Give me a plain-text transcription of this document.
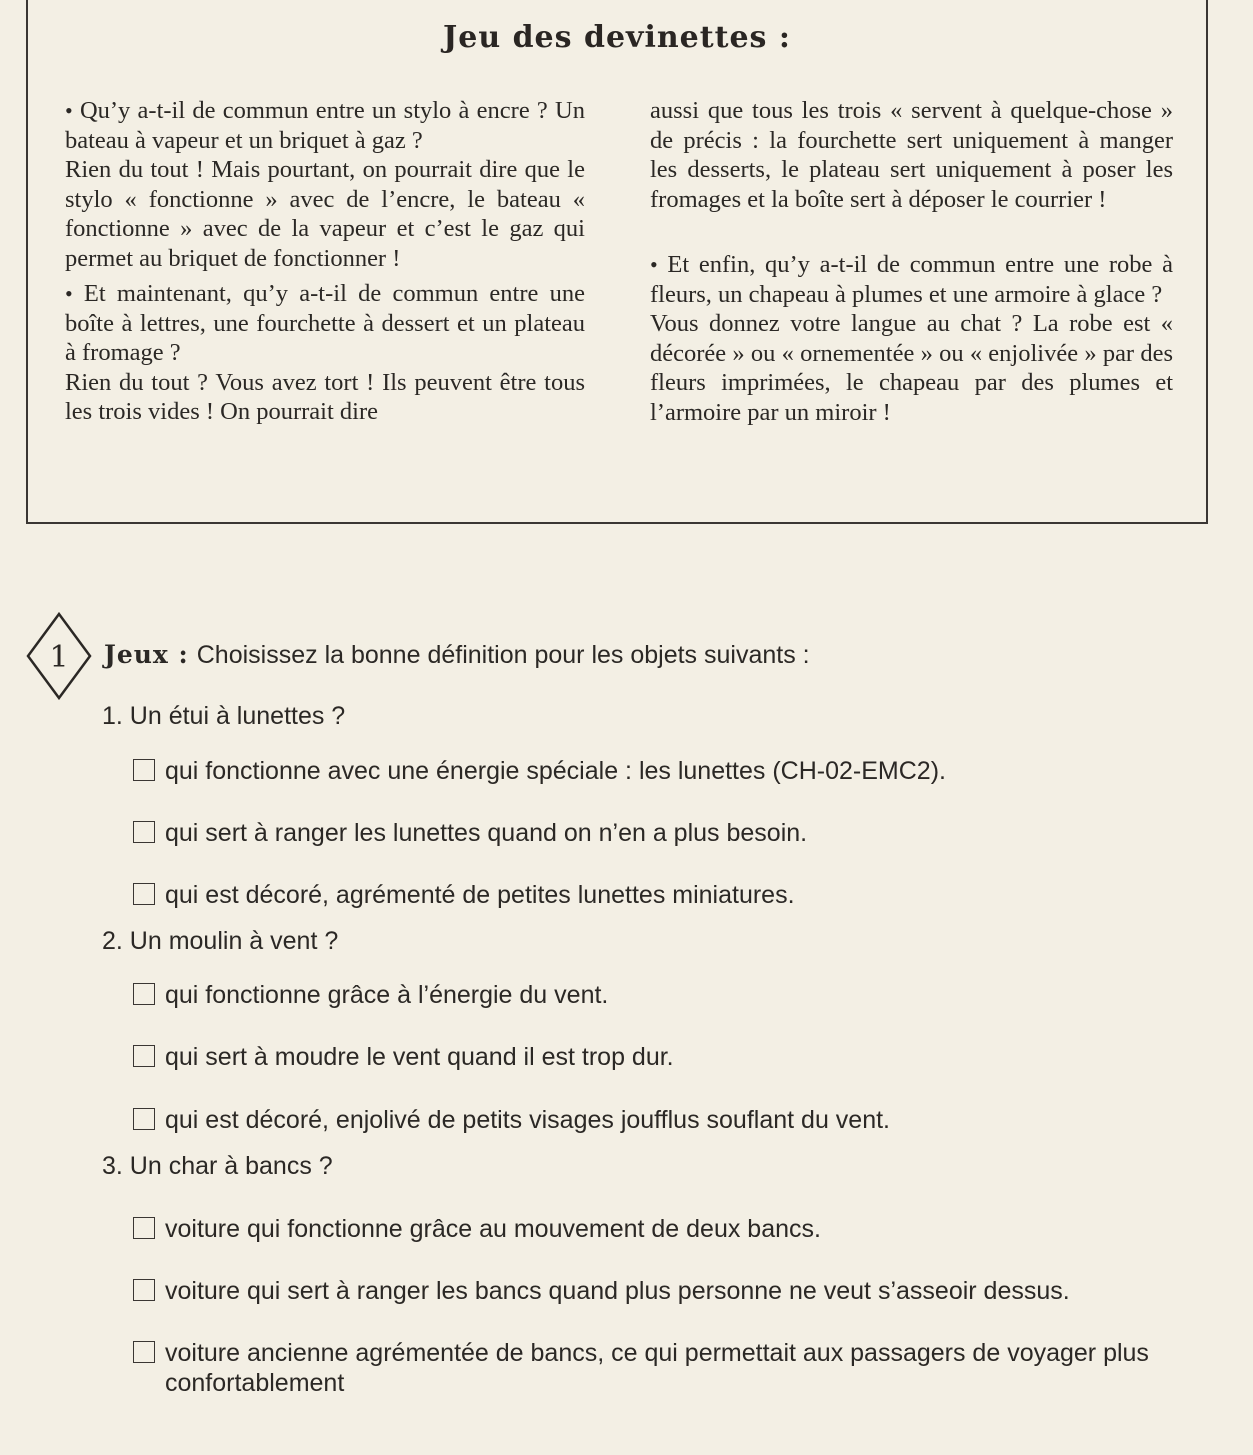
Jeu des devinettes :

• Qu’y a-t-il de commun entre un stylo à encre ? Un bateau à vapeur et un briquet à gaz ?

Rien du tout ! Mais pourtant, on pourrait dire que le stylo « fonctionne » avec de l’encre, le bateau « fonctionne » avec de la vapeur et c’est le gaz qui permet au briquet de fonctionner !

• Et maintenant, qu’y a-t-il de commun entre une boîte à lettres, une fourchette à dessert et un plateau à fromage ?

Rien du tout ? Vous avez tort ! Ils peuvent être tous les trois vides ! On pourrait dire

aussi que tous les trois « servent à quelque-chose » de précis : la fourchette sert uniquement à manger les desserts, le plateau sert uniquement à poser les fromages et la boîte sert à déposer le courrier !

• Et enfin, qu’y a-t-il de commun entre une robe à fleurs, un chapeau à plumes et une armoire à glace ?

Vous donnez votre langue au chat ? La robe est « décorée » ou « ornementée » ou « enjolivée » par des fleurs imprimées, le chapeau par des plumes et l’armoire par un miroir !

1 Jeux : Choisissez la bonne définition pour les objets suivants :
1. Un étui à lunettes ?
qui fonctionne avec une énergie spéciale : les lunettes (CH-02-EMC2).
qui sert à ranger les lunettes quand on n’en a plus besoin.
qui est décoré, agrémenté de petites lunettes miniatures.
2. Un moulin à vent ?
qui fonctionne grâce à l’énergie du vent.
qui sert à moudre le vent quand il est trop dur.
qui est décoré, enjolivé de petits visages joufflus souflant du vent.
3. Un char à bancs ?
voiture qui fonctionne grâce au mouvement de deux bancs.
voiture qui sert à ranger les bancs quand plus personne ne veut s’asseoir dessus.
voiture ancienne agrémentée de bancs, ce qui permettait aux passagers de voyager plus confortablement
